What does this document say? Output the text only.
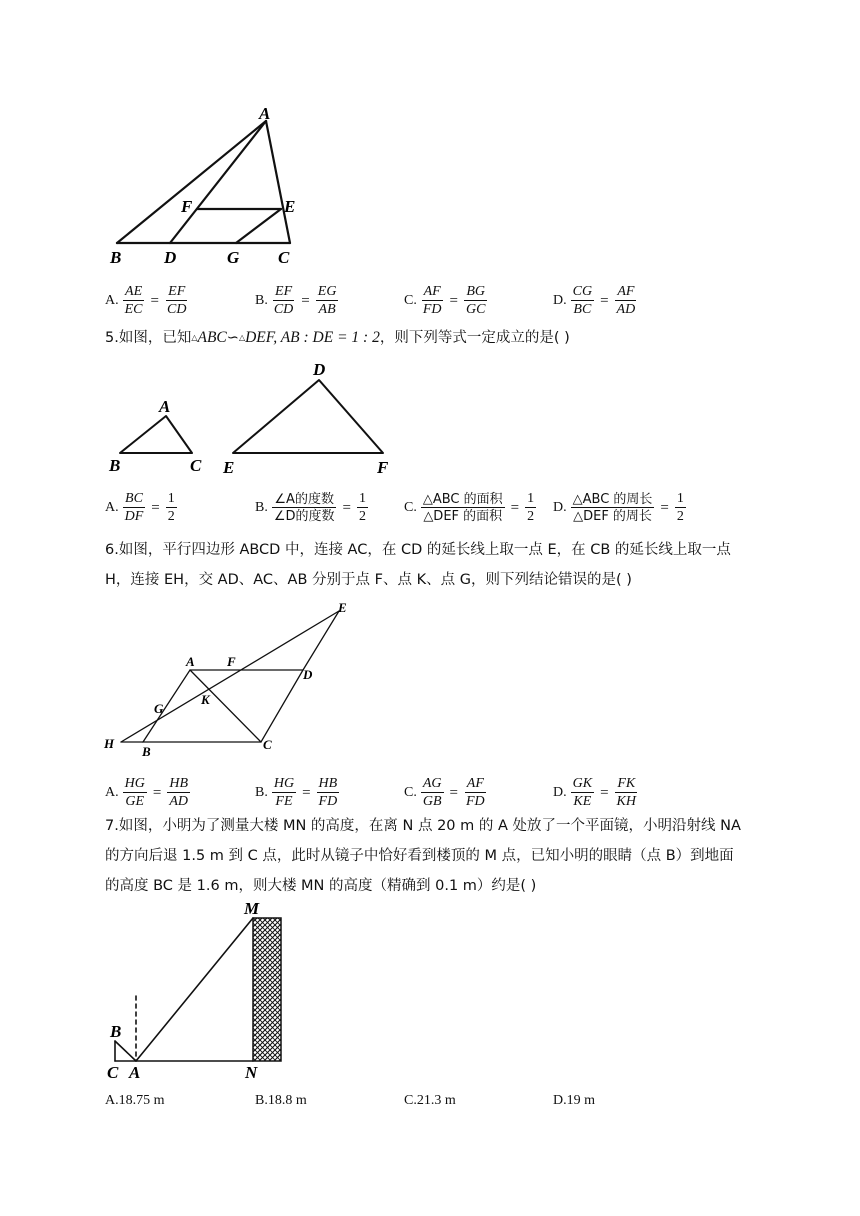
A
B	D	G C
F	E
A. $\frac{AE}{EC} = \frac{EF}{CD}$	B. $\frac{EF}{CD} = \frac{EG}{AB}$	C. $\frac{AF}{FD} = \frac{BG}{GC}$	D. $\frac{CG}{BC} = \frac{AF}{AD}$
5.如图，已知△ABC∽△DEF, AB : DE = 1 : 2，则下列等式一定成立的是( )
A
B	C
D
E	F
A. $\frac{BC}{DF} = \frac{1}{2}$	B. $\frac{\text{∠A的度数}}{\text{∠D的度数}} = \frac{1}{2}$	C. $\frac{\text{△ABC 的面积}}{\text{△DEF 的面积}} = \frac{1}{2} D$. $\frac{\text{△ABC 的周长}}{\text{△DEF 的周长}} = \frac{1}{2}$
6.如图，平行四边形 ABCD 中，连接 AC，在 CD 的延长线上取一点 E，在 CB 的延长线上取一点
H，连接 EH，交 AD、AC、AB 分别于点 F、点 K、点 G，则下列结论错误的是( )
E
A F
D
K
G
H
B	C
A. $\frac{HG}{GE} = \frac{HB}{AD}$	B. $\frac{HG}{FE} = \frac{HB}{FD}$	C. $\frac{AG}{GB} = \frac{AF}{FD}$	D. $\frac{GK}{KE} = \frac{FK}{KH}$
7.如图，小明为了测量大楼 MN 的高度，在离 N 点 20 m 的 A 处放了一个平面镜，小明沿射线 NA
的方向后退 1.5 m 到 C 点，此时从镜子中恰好看到楼顶的 M 点，已知小明的眼睛（点 B）到地面
的高度 BC 是 1.6 m，则大楼 MN 的高度（精确到 0.1 m）约是( )
M
B
C A	N
A. 18.75 m	B. 18.8 m	C. 21.3 m	D. 19 m
